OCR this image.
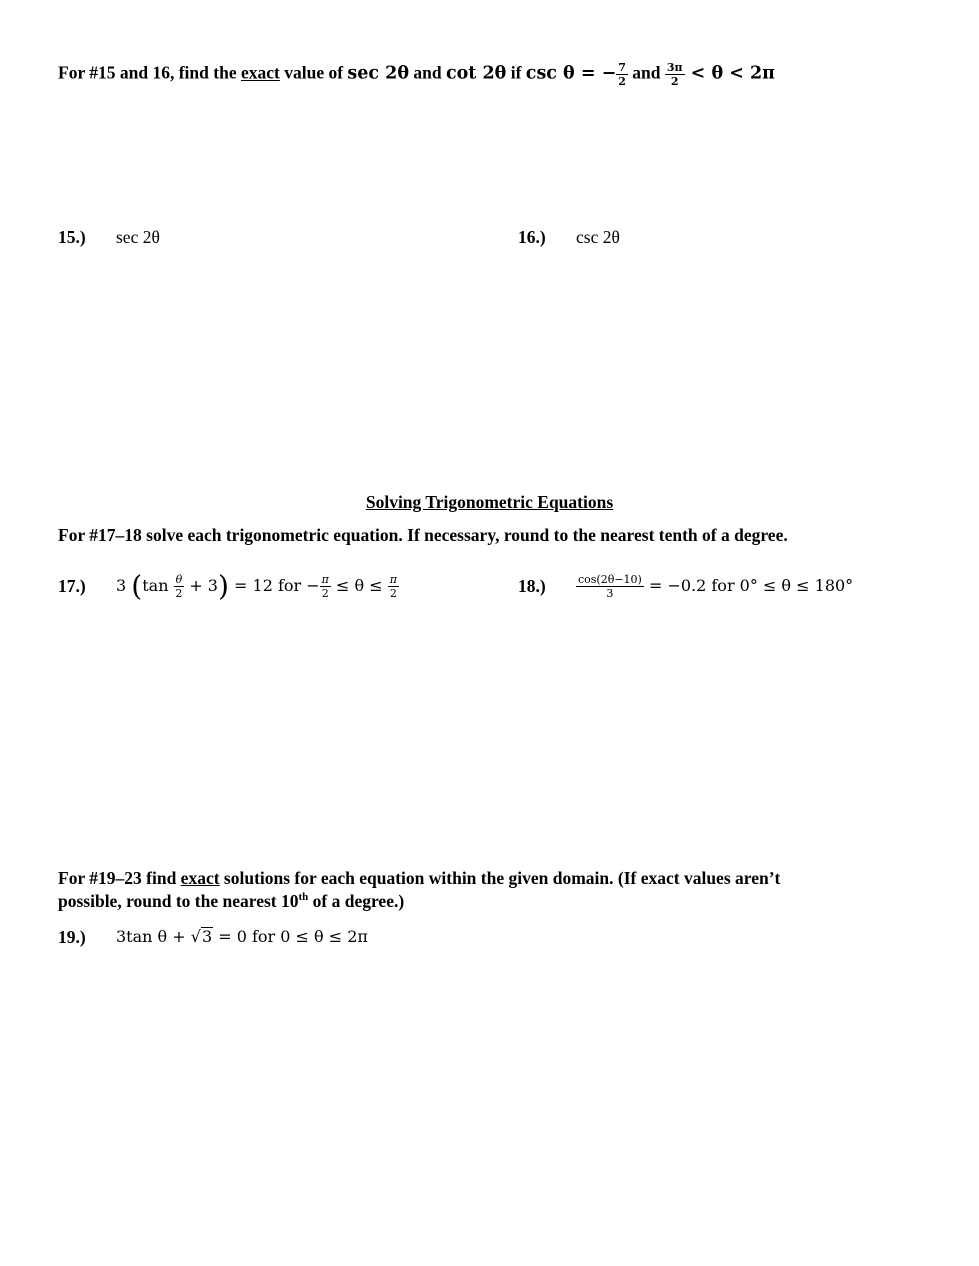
For #15 and 16, find the exact value of sec 2θ and cot 2θ if csc θ = − $\frac{7}{2}$ and $\frac{3\pi}{2} < \theta < 2\pi$
15.) sec 2θ	16.) csc 2θ
Solving Trigonometric Equations
For #17–18 solve each trigonometric equation. If necessary, round to the nearest tenth of a degree.
17.) 3 $(\tan \frac{\theta}{2} + 3) = 12$ for − $\frac{\pi}{2} \le \theta \le \frac{\pi}{2}$	18.)	$\frac{\cos(2\theta-10)}{3} = -0.2$ for 0° ≤ θ ≤ 180°
For #19–23 find exact solutions for each equation within the given domain. (If exact values aren’t
possible, round to the nearest 10th of a degree.)
19.) 3tan θ + √3 = 0 for 0 ≤ θ ≤ 2π
